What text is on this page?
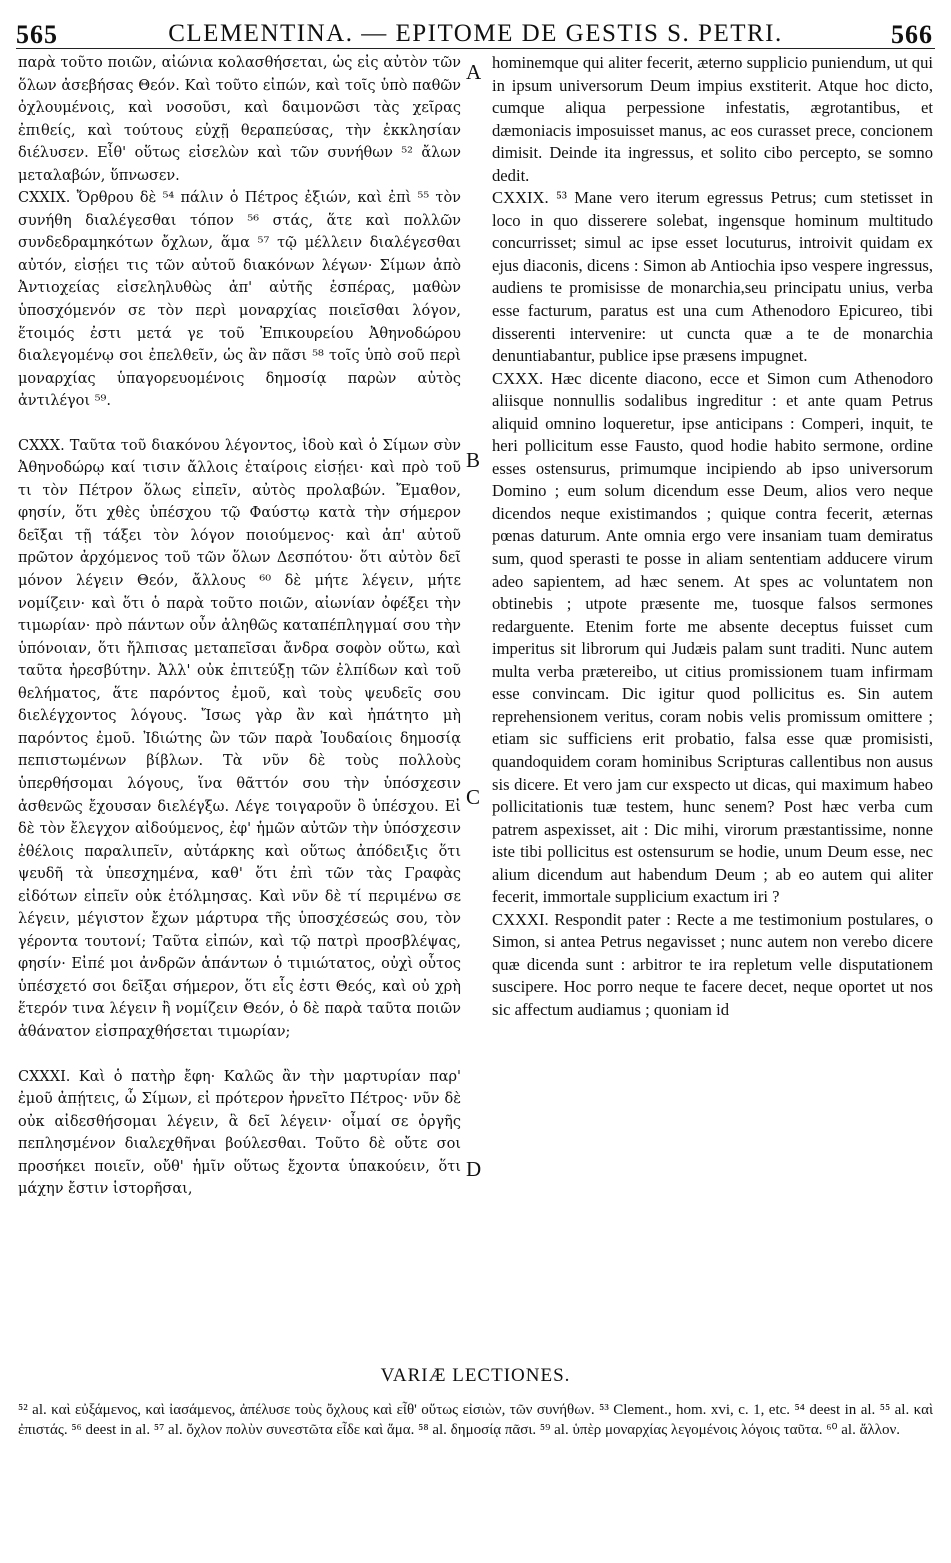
565	CLEMENTINA. — EPITOME DE GESTIS S. PETRI.	566

παρὰ τοῦτο ποιῶν, αἰώνια κολασθήσεται, ὡς εἰς αὐτὸν τῶν ὅλων ἀσεβήσας Θεόν. Καὶ τοῦτο εἰπών, καὶ τοῖς ὑπὸ παθῶν ὀχλουμένοις, καὶ νοσοῦσι, καὶ δαιμονῶσι τὰς χεῖρας ἐπιθείς, καὶ τούτους εὐχῇ θεραπεύσας, τὴν ἐκκλησίαν διέλυσεν. Εἶθ' οὕτως εἰσελὼν καὶ τῶν συνήθων ⁵² ἄλων μεταλαβών, ὕπνωσεν.

CXXIX. Ὄρθρου δὲ ⁵⁴ πάλιν ὁ Πέτρος ἐξιών, καὶ ἐπὶ ⁵⁵ τὸν συνήθη διαλέγεσθαι τόπον ⁵⁶ στάς, ἅτε καὶ πολλῶν συνδεδραμηκότων ὄχλων, ἅμα ⁵⁷ τῷ μέλλειν διαλέγεσθαι αὐτόν, εἰσῄει τις τῶν αὐτοῦ διακόνων λέγων· Σίμων ἀπὸ Ἀντιοχείας εἰσεληλυθὼς ἀπ' αὐτῆς ἑσπέρας, μαθὼν ὑποσχόμενόν σε τὸν περὶ μοναρχίας ποιεῖσθαι λόγον, ἕτοιμός ἐστι μετά γε τοῦ Ἐπικουρείου Ἀθηνοδώρου διαλεγομένῳ σοι ἐπελθεῖν, ὡς ἂν πᾶσι ⁵⁸ τοῖς ὑπὸ σοῦ περὶ μοναρχίας ὑπαγορευομένοις δημοσίᾳ παρὼν αὐτὸς ἀντιλέγοι ⁵⁹.

CXXX. Ταῦτα τοῦ διακόνου λέγοντος, ἰδοὺ καὶ ὁ Σίμων σὺν Ἀθηνοδώρῳ καί τισιν ἄλλοις ἑταίροις εἰσῄει· καὶ πρὸ τοῦ τι τὸν Πέτρον ὅλως εἰπεῖν, αὐτὸς προλαβών. Ἔμαθον, φησίν, ὅτι χθὲς ὑπέσχου τῷ Φαύστῳ κατὰ τὴν σήμερον δεῖξαι τῇ τάξει τὸν λόγον ποιούμενος· καὶ ἀπ' αὐτοῦ πρῶτον ἀρχόμενος τοῦ τῶν ὅλων Δεσπότου· ὅτι αὐτὸν δεῖ μόνον λέγειν Θεόν, ἄλλους ⁶⁰ δὲ μήτε λέγειν, μήτε νομίζειν· καὶ ὅτι ὁ παρὰ τοῦτο ποιῶν, αἰωνίαν ὀφέξει τὴν τιμωρίαν· πρὸ πάντων οὖν ἀληθῶς καταπέπληγμαί σου τὴν ὑπόνοιαν, ὅτι ἤλπισας μεταπεῖσαι ἄνδρα σοφὸν οὕτω, καὶ ταῦτα ἠρεσβύτην. Ἀλλ' οὐκ ἐπιτεύξῃ τῶν ἐλπίδων καὶ τοῦ θελήματος, ἅτε παρόντος ἐμοῦ, καὶ τοὺς ψευδεῖς σου διελέγχοντος λόγους. Ἴσως γὰρ ἂν καὶ ἠπάτητο μὴ παρόντος ἐμοῦ. Ἰδιώτης ὢν τῶν παρὰ Ἰουδαίοις δημοσίᾳ πεπιστωμένων βίβλων. Τὰ νῦν δὲ τοὺς πολλοὺς ὑπερθήσομαι λόγους, ἵνα θᾶττόν σου τὴν ὑπόσχεσιν ἀσθενῶς ἔχουσαν διελέγξω. Λέγε τοιγαροῦν ὃ ὑπέσχου. Εἰ δὲ τὸν ἔλεγχον αἰδούμενος, ἐφ' ἡμῶν αὐτῶν τὴν ὑπόσχεσιν ἐθέλοις παραλιπεῖν, αὐτάρκης καὶ οὕτως ἀπόδειξις ὅτι ψευδῆ τὰ ὑπεσχημένα, καθ' ὅτι ἐπὶ τῶν τὰς Γραφὰς εἰδότων εἰπεῖν οὐκ ἐτόλμησας. Καὶ νῦν δὲ τί περιμένω σε λέγειν, μέγιστον ἔχων μάρτυρα τῆς ὑποσχέσεώς σου, τὸν γέροντα τουτονί; Ταῦτα εἰπών, καὶ τῷ πατρὶ προσβλέψας, φησίν· Εἰπέ μοι ἀνδρῶν ἁπάντων ὁ τιμιώτατος, οὐχὶ οὗτος ὑπέσχετό σοι δεῖξαι σήμερον, ὅτι εἷς ἐστι Θεός, καὶ οὐ χρὴ ἕτερόν τινα λέγειν ἢ νομίζειν Θεόν, ὁ δὲ παρὰ ταῦτα ποιῶν ἀθάνατον εἰσπραχθήσεται τιμωρίαν;

CXXXI. Καὶ ὁ πατὴρ ἔφη· Καλῶς ἂν τὴν μαρτυρίαν παρ' ἐμοῦ ἀπῄτεις, ὦ Σίμων, εἰ πρότερον ἠρνεῖτο Πέτρος· νῦν δὲ οὐκ αἰδεσθήσομαι λέγειν, ἃ δεῖ λέγειν· οἶμαί σε ὀργῆς πεπλησμένον διαλεχθῆναι βούλεσθαι. Τοῦτο δὲ οὔτε σοι προσήκει ποιεῖν, οὔθ' ἡμῖν οὕτως ἔχοντα ὑπακούειν, ὅτι μάχην ἔστιν ἱστορῆσαι,

A
B
C
D

hominemque qui aliter fecerit, æterno supplicio puniendum, ut qui in ipsum universorum Deum impius exstiterit. Atque hoc dicto, cumque aliqua perpessione infestatis, ægrotantibus, et dæmoniacis imposuisset manus, ac eos curasset prece, concionem dimisit. Deinde ita ingressus, et solito cibo percepto, se somno dedit.

CXXIX. ⁵³ Mane vero iterum egressus Petrus; cum stetisset in loco in quo disserere solebat, ingensque hominum multitudo concurrisset; simul ac ipse esset locuturus, introivit quidam ex ejus diaconis, dicens : Simon ab Antiochia ipso vespere ingressus, audiens te promisisse de monarchia,seu principatu unius, verba esse facturum, paratus est una cum Athenodoro Epicureo, tibi disserenti intervenire: ut cuncta quæ a te de monarchia denuntiabantur, publice ipse præsens impugnet.

CXXX. Hæc dicente diacono, ecce et Simon cum Athenodoro aliisque nonnullis sodalibus ingreditur : et ante quam Petrus aliquid omnino loqueretur, ipse anticipans : Comperi, inquit, te heri pollicitum esse Fausto, quod hodie habito sermone, ordine esses ostensurus, primumque incipiendo ab ipso universorum Domino ; eum solum dicendum esse Deum, alios vero neque dicendos neque existimandos ; quique contra fecerit, æternas pœnas daturum. Ante omnia ergo vere insaniam tuam demiratus sum, quod sperasti te posse in aliam sententiam adducere virum adeo sapientem, ad hæc senem. At spes ac voluntatem non obtinebis ; utpote præsente me, tuosque falsos sermones redarguente. Etenim forte me absente deceptus fuisset cum imperitus sit librorum qui Judæis palam sunt traditi. Nunc autem multa verba prætereibo, ut citius promissionem tuam infirmam esse convincam. Dic igitur quod pollicitus es. Sin autem reprehensionem veritus, coram nobis velis promissum omittere ; etiam sic sufficiens erit probatio, falsa esse quæ promisisti, quandoquidem coram hominibus Scripturas callentibus non ausus sis dicere. Et vero jam cur exspecto ut dicas, qui maximum habeo pollicitationis tuæ testem, hunc senem? Post hæc verba cum patrem aspexisset, ait : Dic mihi, virorum præstantissime, nonne iste tibi pollicitus est ostensurum se hodie, unum Deum esse, nec alium dicendum aut habendum Deum ; ab eo autem qui aliter fecerit, immortale supplicium exactum iri ?

CXXXI. Respondit pater : Recte a me testimonium postulares, o Simon, si antea Petrus negavisset ; nunc autem non verebo dicere quæ dicenda sunt : arbitror te ira repletum velle disputationem suscipere. Hoc porro neque te facere decet, neque oportet ut nos sic affectum audiamus ; quoniam id

VARIÆ LECTIONES.
⁵² al. καὶ εὐξάμενος, καὶ ἰασάμενος, ἀπέλυσε τοὺς ὄχλους καὶ εἶθ' οὕτως εἰσιὼν, τῶν συνήθων. ⁵³ Clement., hom. xvi, c. 1, etc. ⁵⁴ deest in al. ⁵⁵ al. καὶ ἐπιστάς. ⁵⁶ deest in al. ⁵⁷ al. ὄχλον πολὺν συνεστῶτα εἶδε καὶ ἅμα. ⁵⁸ al. δημοσίᾳ πᾶσι. ⁵⁹ al. ὑπὲρ μοναρχίας λεγομένοις λόγοις ταῦτα. ⁶⁰ al. ἄλλον.
